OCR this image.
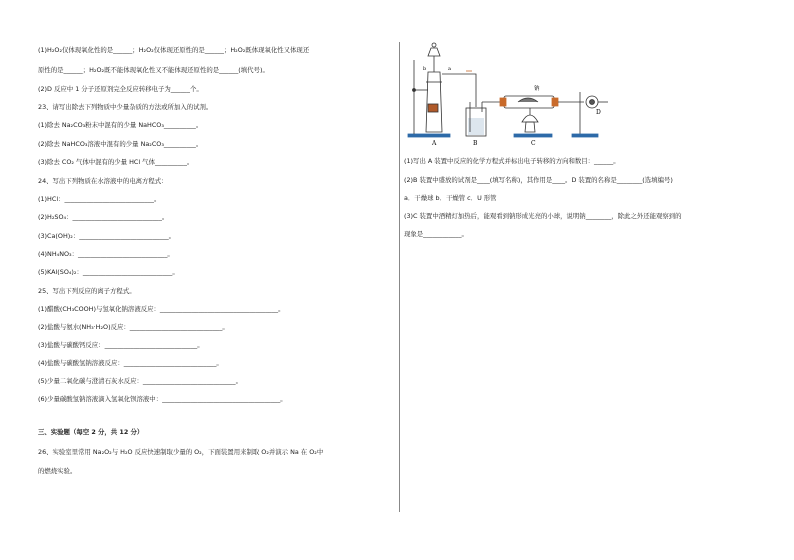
(1)H₂O₂仅体现氧化性的是______；H₂O₂仅体现还原性的是______；H₂O₂既体现氧化性又体现还
原性的是______；H₂O₂既不能体现氧化性又不能体现还原性的是______(填代号)。
(2)D 反应中 1 分子还原剂完全反应转移电子为______个。
23、请写出除去下列物质中少量杂质的方法或所加入的试剂。
(1)除去 Na₂CO₃粉末中混有的少量 NaHCO₃__________。
(2)除去 NaHCO₃溶液中混有的少量 Na₂CO₃__________。
(3)除去 CO₂ 气体中混有的少量 HCl 气体__________。
24、写出下列物质在水溶液中的电离方程式：
(1)HCl：____________________________。
(2)H₂SO₄：____________________________。
(3)Ca(OH)₂：____________________________。
(4)NH₄NO₃：____________________________。
(5)KAl(SO₄)₂：____________________________。
25、写出下列反应的离子方程式。
(1)醋酸(CH₃COOH)与氢氧化钠溶液反应：_____________________________________。
(2)盐酸与氨水(NH₃·H₂O)反应：_____________________________。
(3)盐酸与碳酸钙反应：_____________________________。
(4)盐酸与碳酸氢钠溶液反应：_____________________________。
(5)少量二氧化碳与澄清石灰水反应：_____________________________。
(6)少量碳酸氢钠溶液滴入氢氧化钡溶液中：_____________________________________。
三、实验题（每空 2 分，共 12 分）
26、实验室里常用 Na₂O₂与 H₂O 反应快速制取少量的 O₂，下面装置用来制取 O₂并演示 Na 在 O₂中
的燃烧实验。
A	B	C
D
a
b
钠
(1)写出 A 装置中反应的化学方程式并标出电子转移的方向和数目：______。
(2)B 装置中盛放的试剂是____(填写名称)，其作用是____。D 装置的名称是________(选填编号)
a．干燥球 b．干燥管 c．U 形管
(3)C 装置中酒精灯加热后，能观看到钠形成光亮的小球，说明钠________，除此之外还能观察到的
现象是____________。
